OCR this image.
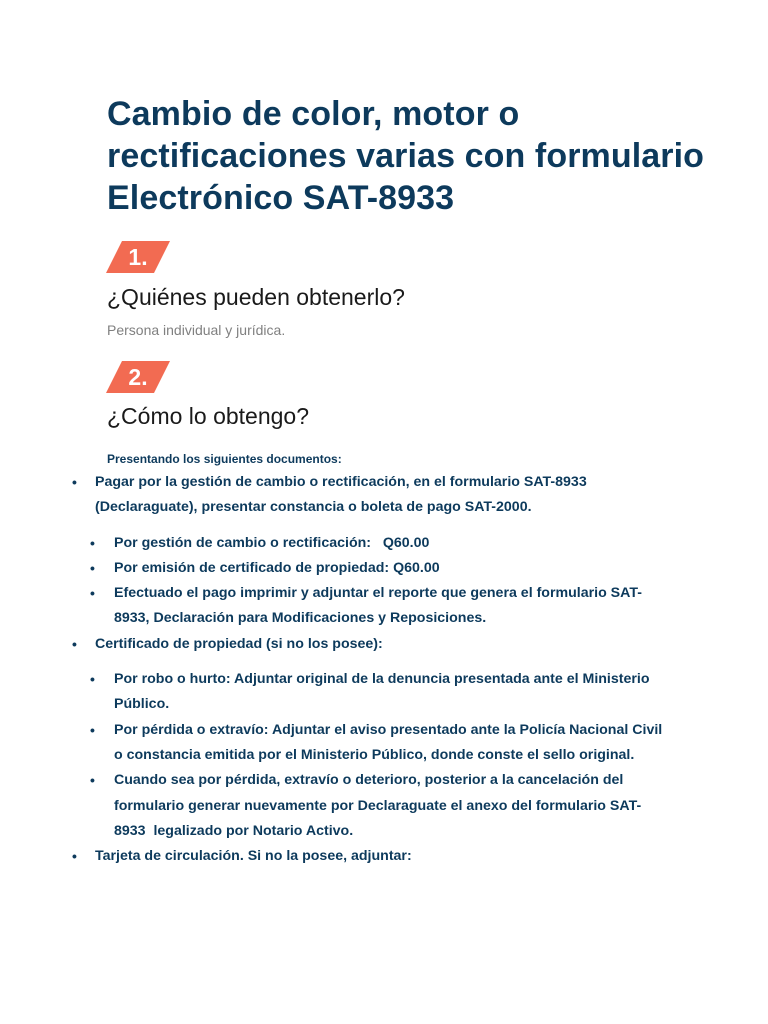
Cambio de color, motor o rectificaciones varias con formulario Electrónico SAT-8933
1.
¿Quiénes pueden obtenerlo?

Persona individual y jurídica.

2.
¿Cómo lo obtengo?

Presentando los siguientes documentos:

• Pagar por la gestión de cambio o rectificación, en el formulario SAT-8933 (Declaraguate), presentar constancia o boleta de pago SAT-2000.
• Por gestión de cambio o rectificación:   Q60.00
• Por emisión de certificado de propiedad: Q60.00
• Efectuado el pago imprimir y adjuntar el reporte que genera el formulario SAT-8933, Declaración para Modificaciones y Reposiciones.
• Certificado de propiedad (si no los posee):
• Por robo o hurto: Adjuntar original de la denuncia presentada ante el Ministerio Público.
• Por pérdida o extravío: Adjuntar el aviso presentado ante la Policía Nacional Civil o constancia emitida por el Ministerio Público, donde conste el sello original.
• Cuando sea por pérdida, extravío o deterioro, posterior a la cancelación del formulario generar nuevamente por Declaraguate el anexo del formulario SAT-8933  legalizado por Notario Activo.
• Tarjeta de circulación. Si no la posee, adjuntar:
